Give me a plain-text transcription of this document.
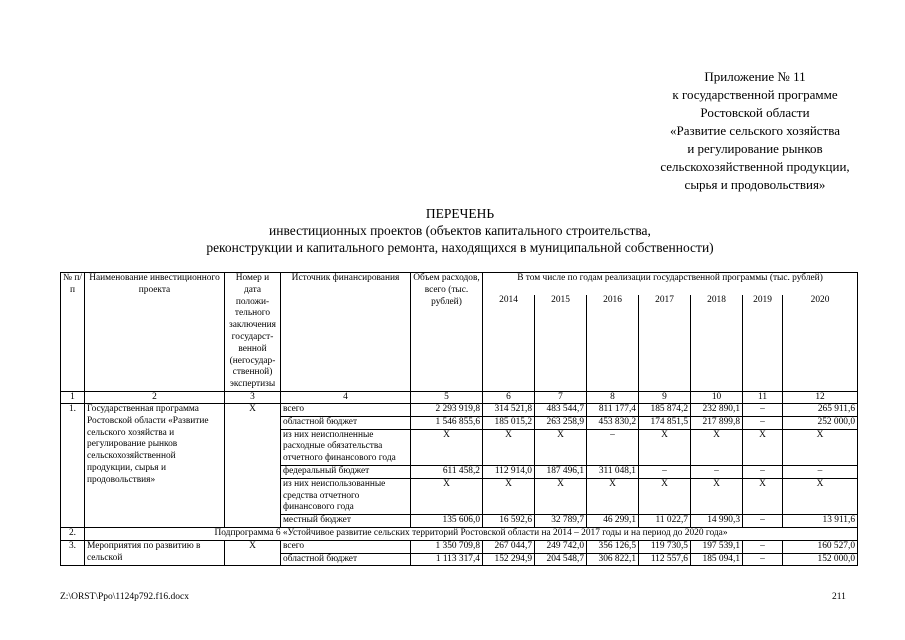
Приложение № 11
к государственной программе
Ростовской области
«Развитие сельского хозяйства
и регулирование рынков
сельскохозяйственной продукции,
сырья и продовольствия»
ПЕРЕЧЕНЬ
инвестиционных проектов (объектов капитального строительства,
реконструкции и капитального ремонта, находящихся в муниципальной собственности)
№ п/п	Наименование инвестиционного проекта	Номер и дата положи-тельного заключения государст-венной (негосудар-ственной) экспертизы	Источник финансирования	Объем расходов, всего (тыс. рублей)	В том числе по годам реализации государственной программы (тыс. рублей)						
					2014	2015	2016	2017	2018	2019	2020
1	2	3	4	5	6	7	8	9	10	11	12
1.	Государственная программа Ростовской области «Развитие сельского хозяйства и регулирование рынков сельскохозяйственной продукции, сырья и продовольствия»	Х	всего	2 293 919,8	314 521,8	483 544,7	811 177,4	185 874,2	232 890,1	–	265 911,6
			областной бюджет	1 546 855,6	185 015,2	263 258,9	453 830,2	174 851,5	217 899,8	–	252 000,0
			из них неисполненные расходные обязательства отчетного финансового года	Х	Х	Х	–	Х	Х	Х	Х
			федеральный бюджет	611 458,2	112 914,0	187 496,1	311 048,1	–	–	–	–
			из них неиспользованные средства отчетного финансового года	Х	Х	Х	Х	Х	Х	Х	Х
			местный бюджет	135 606,0	16 592,6	32 789,7	46 299,1	11 022,7	14 990,3	–	13 911,6
2.	Подпрограмма 6 «Устойчивое развитие сельских территорий Ростовской области на 2014 – 2017 годы и на период до 2020 года»										
3.	Мероприятия по развитию в сельской	Х	всего	1 350 709,8	267 044,7	249 742,0	356 126,5	119 730,5	197 539,1	–	160 527,0
			областной бюджет	1 113 317,4	152 294,9	204 548,7	306 822,1	112 557,6	185 094,1	–	152 000,0
Z:\ORST\Ppo\1124p792.f16.docx	211
